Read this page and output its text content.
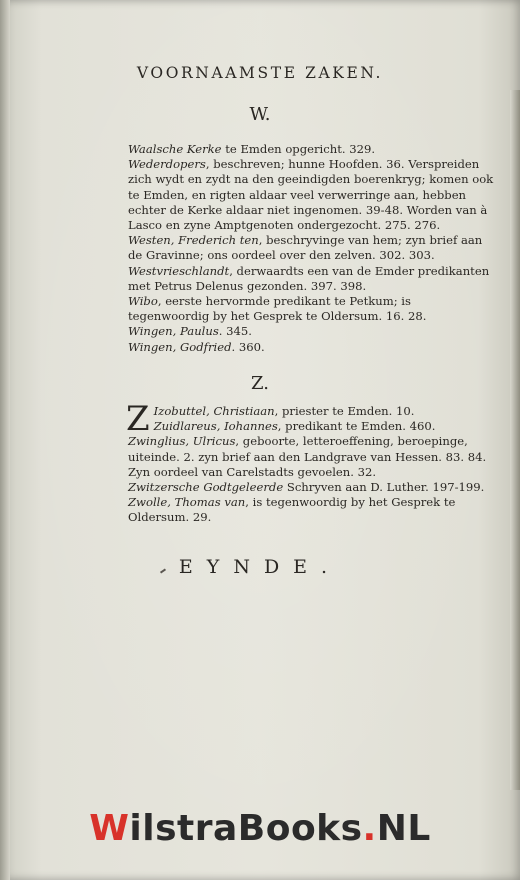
VOORNAAMSTE ZAKEN.
W.

Waalsche Kerke te Emden opgericht. 329.

Wederdopers, beschreven; hunne Hoofden. 36. Verspreiden zich wydt en zydt na den geeindigden boerenkryg; komen ook te Emden, en rigten aldaar veel verwerringe aan, hebben echter de Kerke aldaar niet ingenomen. 39-48. Worden van à Lasco en zyne Amptgenoten ondergezocht. 275. 276.

Westen, Frederich ten, beschryvinge van hem; zyn brief aan de Gravinne; ons oordeel over den zelven. 302. 303.

Westvrieschlandt, derwaardts een van de Emder predikanten met Petrus Delenus gezonden. 397. 398.

Wibo, eerste hervormde predikant te Petkum; is tegenwoordig by het Gesprek te Oldersum. 16. 28.

Wingen, Paulus. 345.

Wingen, Godfried. 360.

Z.

Z Izobuttel, Christiaan, priester te Emden. 10.

Zuidlareus, Iohannes, predikant te Emden. 460.

Zwinglius, Ulricus, geboorte, letteroeffening, beroepinge, uiteinde. 2. zyn brief aan den Landgrave van Hessen. 83. 84. Zyn oordeel van Carelstadts gevoelen. 32.

Zwitzersche Godtgeleerde Schryven aan D. Luther. 197-199.

Zwolle, Thomas van, is tegenwoordig by het Gesprek te Oldersum. 29.

EYNDE.
WilstraBooks.NL
